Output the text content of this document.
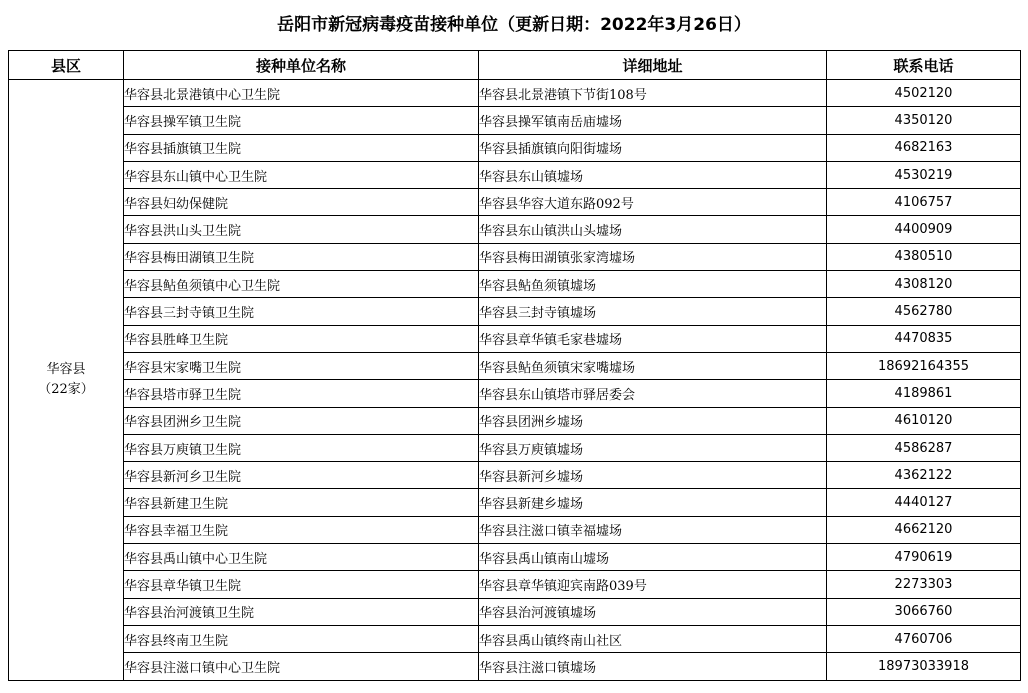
岳阳市新冠病毒疫苗接种单位（更新日期：2022年3月26日）
县区	接种单位名称	详细地址	联系电话

华容县
（22家）	华容县北景港镇中心卫生院	华容县北景港镇下节街108号	4502120
	华容县操军镇卫生院	华容县操军镇南岳庙墟场	4350120
	华容县插旗镇卫生院	华容县插旗镇向阳街墟场	4682163
	华容县东山镇中心卫生院	华容县东山镇墟场	4530219
	华容县妇幼保健院	华容县华容大道东路092号	4106757
	华容县洪山头卫生院	华容县东山镇洪山头墟场	4400909
	华容县梅田湖镇卫生院	华容县梅田湖镇张家湾墟场	4380510
	华容县鲇鱼须镇中心卫生院	华容县鲇鱼须镇墟场	4308120
	华容县三封寺镇卫生院	华容县三封寺镇墟场	4562780
	华容县胜峰卫生院	华容县章华镇毛家巷墟场	4470835
	华容县宋家嘴卫生院	华容县鲇鱼须镇宋家嘴墟场	18692164355
	华容县塔市驿卫生院	华容县东山镇塔市驿居委会	4189861
	华容县团洲乡卫生院	华容县团洲乡墟场	4610120
	华容县万庾镇卫生院	华容县万庾镇墟场	4586287
	华容县新河乡卫生院	华容县新河乡墟场	4362122
	华容县新建卫生院	华容县新建乡墟场	4440127
	华容县幸福卫生院	华容县注滋口镇幸福墟场	4662120
	华容县禹山镇中心卫生院	华容县禹山镇南山墟场	4790619
	华容县章华镇卫生院	华容县章华镇迎宾南路039号	2273303
	华容县治河渡镇卫生院	华容县治河渡镇墟场	3066760
	华容县终南卫生院	华容县禹山镇终南山社区	4760706
	华容县注滋口镇中心卫生院	华容县注滋口镇墟场	18973033918
